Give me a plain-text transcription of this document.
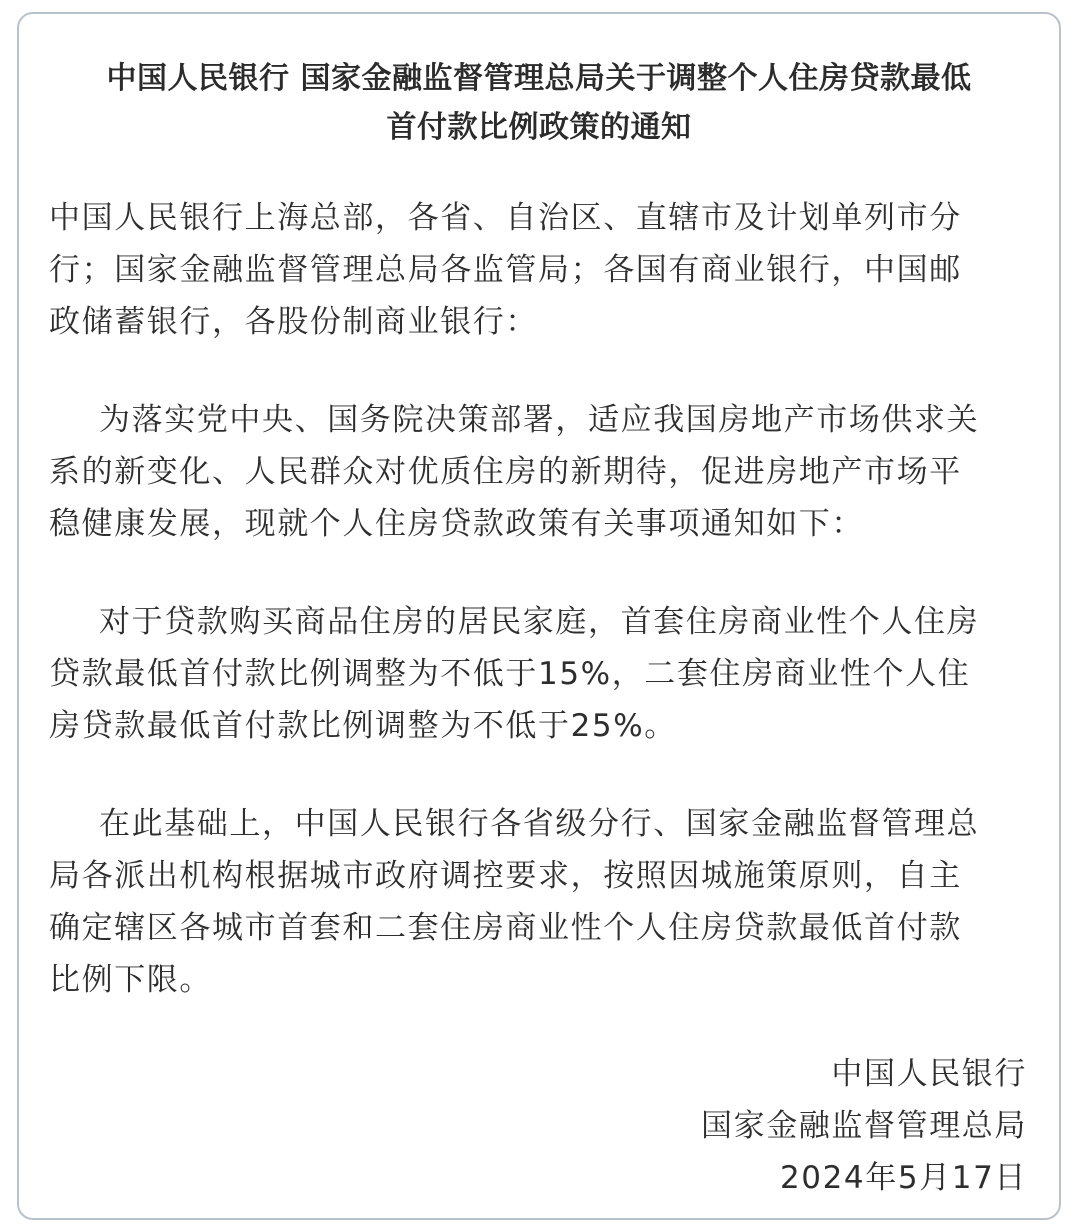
中国人民银行 国家金融监督管理总局关于调整个人住房贷款最低
首付款比例政策的通知

中国人民银行上海总部，各省、自治区、直辖市及计划单列市分
行；国家金融监督管理总局各监管局；各国有商业银行，中国邮
政储蓄银行，各股份制商业银行：

为落实党中央、国务院决策部署，适应我国房地产市场供求关
系的新变化、人民群众对优质住房的新期待，促进房地产市场平
稳健康发展，现就个人住房贷款政策有关事项通知如下：

对于贷款购买商品住房的居民家庭，首套住房商业性个人住房
贷款最低首付款比例调整为不低于15%，二套住房商业性个人住
房贷款最低首付款比例调整为不低于25%。

在此基础上，中国人民银行各省级分行、国家金融监督管理总
局各派出机构根据城市政府调控要求，按照因城施策原则，自主
确定辖区各城市首套和二套住房商业性个人住房贷款最低首付款
比例下限。

中国人民银行
国家金融监督管理总局
2024年5月17日
